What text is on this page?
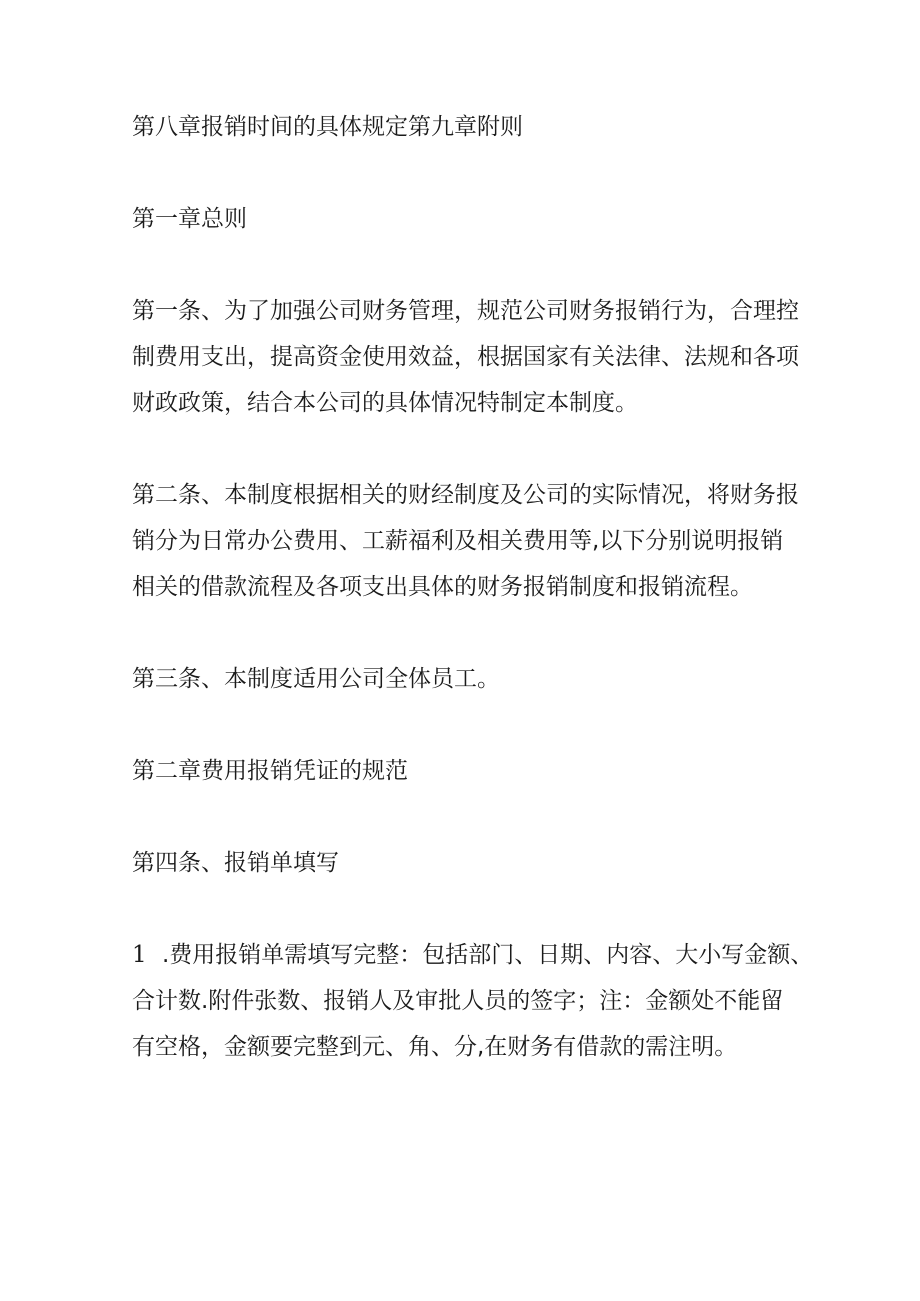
第八章报销时间的具体规定第九章附则

第一章总则

第一条、为了加强公司财务管理，规范公司财务报销行为，合理控

制费用支出，提高资金使用效益，根据国家有关法律、法规和各项

财政政策，结合本公司的具体情况特制定本制度。

第二条、本制度根据相关的财经制度及公司的实际情况，将财务报

销分为日常办公费用、工薪福利及相关费用等,以下分别说明报销

相关的借款流程及各项支出具体的财务报销制度和报销流程。

第三条、本制度适用公司全体员工。

第二章费用报销凭证的规范

第四条、报销单填写

1 .费用报销单需填写完整：包括部门、日期、内容、大小写金额、

合计数.附件张数、报销人及审批人员的签字；注：金额处不能留

有空格，金额要完整到元、角、分,在财务有借款的需注明。
